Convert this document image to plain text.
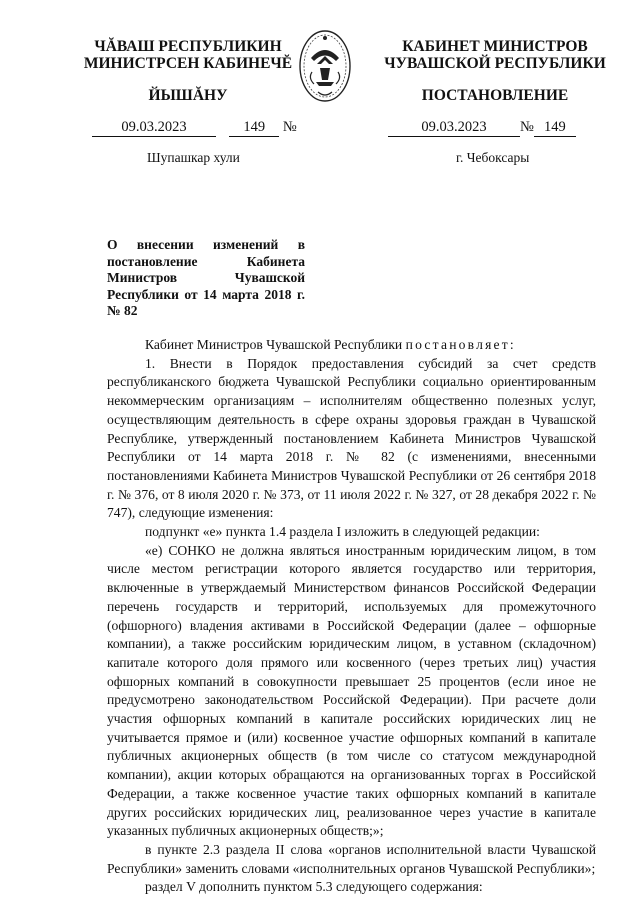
ЧĂВАШ РЕСПУБЛИКИН
МИНИСТРСЕН КАБИНЕЧĔ
ЙЫШĂНУ
КАБИНЕТ МИНИСТРОВ
ЧУВАШСКОЙ РЕСПУБЛИКИ
ПОСТАНОВЛЕНИЕ
09.03.2023	149 №	09.03.2023 № 149
Шупашкар хули	г. Чебоксары
О внесении изменений в постановление Кабинета Министров Чувашской Республики от 14 марта 2018 г. № 82

Кабинет Министров Чувашской Республики постановляет:

1. Внести в Порядок предоставления субсидий за счет средств республиканского бюджета Чувашской Республики социально ориентированным некоммерческим организациям – исполнителям общественно полезных услуг, осуществляющим деятельность в сфере охраны здоровья граждан в Чувашской Республике, утвержденный постановлением Кабинета Министров Чувашской Республики от 14 марта 2018 г. № 82 (с изменениями, внесенными постановлениями Кабинета Министров Чувашской Республики от 26 сентября 2018 г. № 376, от 8 июля 2020 г. № 373, от 11 июля 2022 г. № 327, от 28 декабря 2022 г. № 747), следующие изменения:

подпункт «е» пункта 1.4 раздела I изложить в следующей редакции:

«е) СОНКО не должна являться иностранным юридическим лицом, в том числе местом регистрации которого является государство или территория, включенные в утверждаемый Министерством финансов Российской Федерации перечень государств и территорий, используемых для промежуточного (офшорного) владения активами в Российской Федерации (далее – офшорные компании), а также российским юридическим лицом, в уставном (складочном) капитале которого доля прямого или косвенного (через третьих лиц) участия офшорных компаний в совокупности превышает 25 процентов (если иное не предусмотрено законодательством Российской Федерации). При расчете доли участия офшорных компаний в капитале российских юридических лиц не учитывается прямое и (или) косвенное участие офшорных компаний в капитале публичных акционерных обществ (в том числе со статусом международной компании), акции которых обращаются на организованных торгах в Российской Федерации, а также косвенное участие таких офшорных компаний в капитале других российских юридических лиц, реализованное через участие в капитале указанных публичных акционерных обществ;»;

в пункте 2.3 раздела II слова «органов исполнительной власти Чувашской Республики» заменить словами «исполнительных органов Чувашской Республики»;

раздел V дополнить пунктом 5.3 следующего содержания:
